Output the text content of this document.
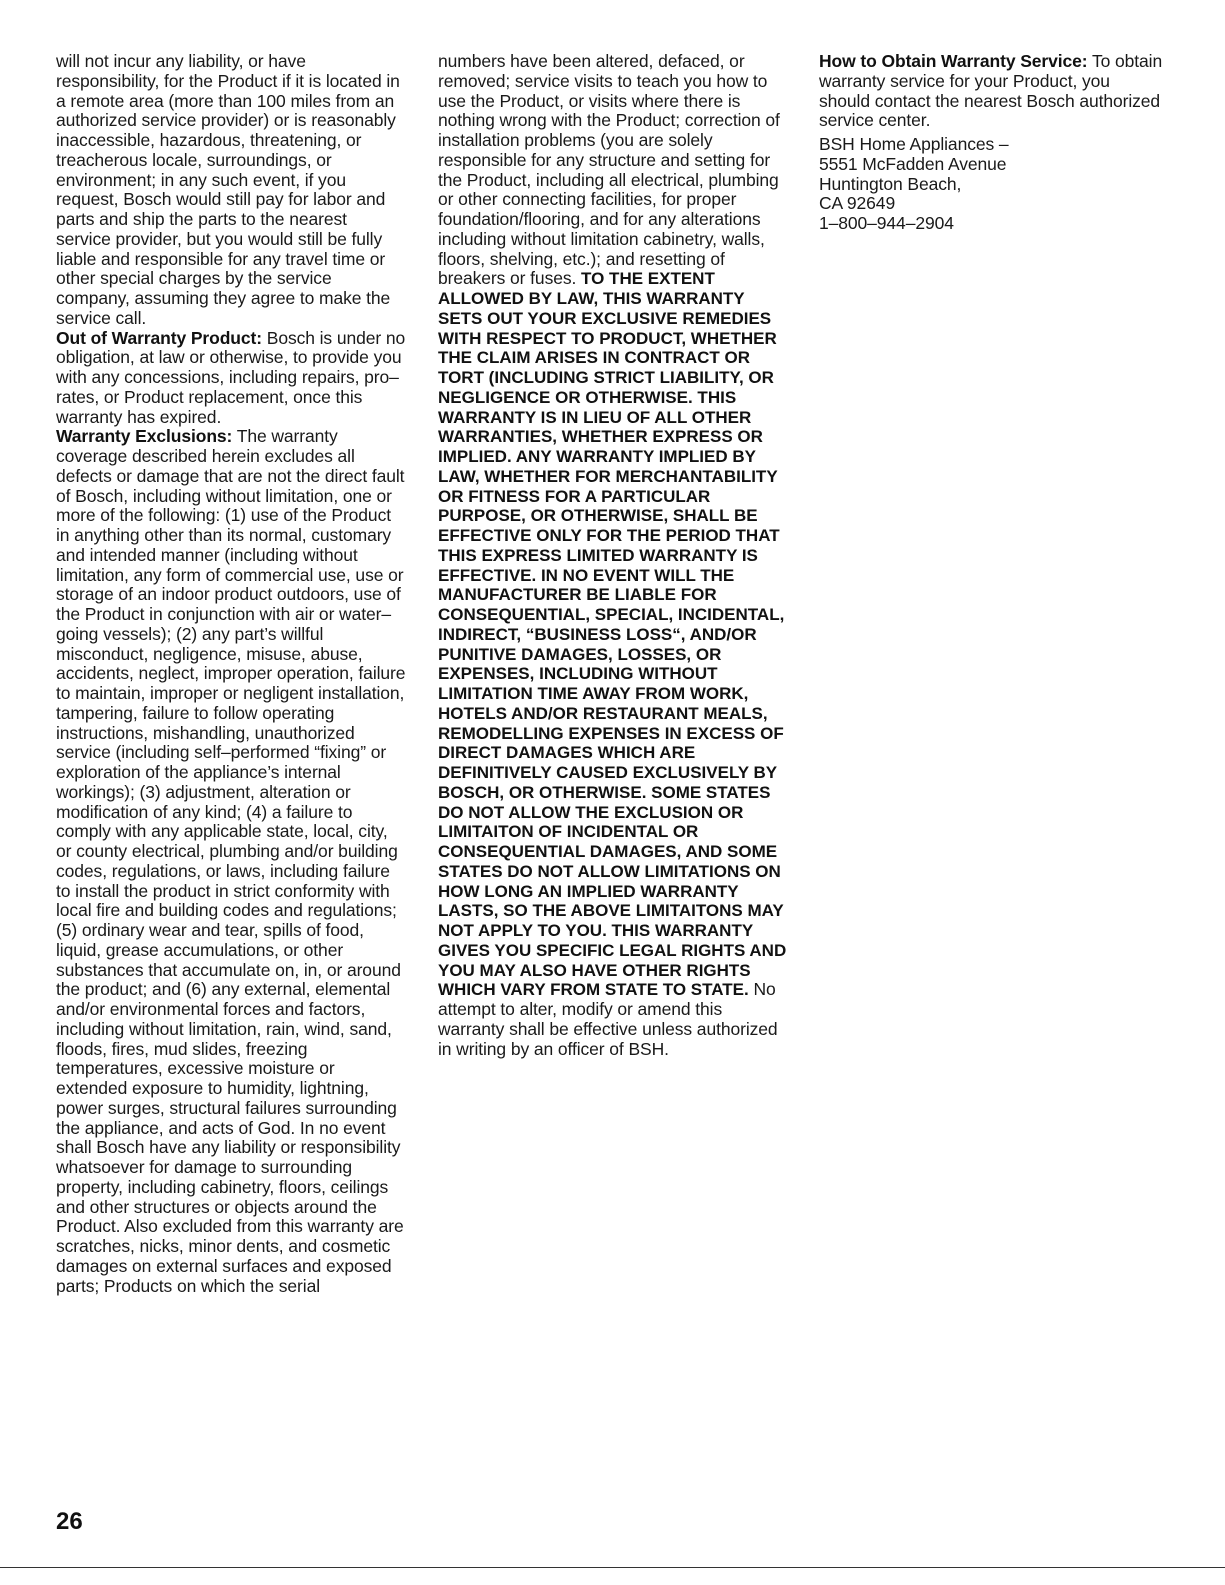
will not incur any liability, or have responsibility, for the Product if it is located in a remote area (more than 100 miles from an authorized service provider) or is reasonably inaccessible, hazardous, threatening, or treacherous locale, surroundings, or environment; in any such event, if you request, Bosch would still pay for labor and parts and ship the parts to the nearest service provider, but you would still be fully liable and responsible for any travel time or other special charges by the service company, assuming they agree to make the service call.

Out of Warranty Product: Bosch is under no obligation, at law or otherwise, to provide you with any concessions, including repairs, pro–rates, or Product replacement, once this warranty has expired.

Warranty Exclusions: The warranty coverage described herein excludes all defects or damage that are not the direct fault of Bosch, including without limitation, one or more of the following: (1) use of the Product in anything other than its normal, customary and intended manner (including without limitation, any form of commercial use, use or storage of an indoor product outdoors, use of the Product in conjunction with air or water–going vessels); (2) any part’s willful misconduct, negligence, misuse, abuse, accidents, neglect, improper operation, failure to maintain, improper or negligent installation, tampering, failure to follow operating instructions, mishandling, unauthorized service (including self–performed “fixing” or exploration of the appliance’s internal workings); (3) adjustment, alteration or modification of any kind; (4) a failure to comply with any applicable state, local, city, or county electrical, plumbing and/or building codes, regulations, or laws, including failure to install the product in strict conformity with local fire and building codes and regulations; (5) ordinary wear and tear, spills of food, liquid, grease accumulations, or other substances that accumulate on, in, or around the product; and (6) any external, elemental and/or environmental forces and factors, including without limitation, rain, wind, sand, floods, fires, mud slides, freezing temperatures, excessive moisture or extended exposure to humidity, lightning, power surges, structural failures surrounding the appliance, and acts of God. In no event shall Bosch have any liability or responsibility whatsoever for damage to surrounding property, including cabinetry, floors, ceilings and other structures or objects around the Product. Also excluded from this warranty are scratches, nicks, minor dents, and cosmetic damages on external surfaces and exposed parts; Products on which the serial

numbers have been altered, defaced, or removed; service visits to teach you how to use the Product, or visits where there is nothing wrong with the Product; correction of installation problems (you are solely responsible for any structure and setting for the Product, including all electrical, plumbing or other connecting facilities, for proper foundation/flooring, and for any alterations including without limitation cabinetry, walls, floors, shelving, etc.); and resetting of breakers or fuses. TO THE EXTENT ALLOWED BY LAW, THIS WARRANTY SETS OUT YOUR EXCLUSIVE REMEDIES WITH RESPECT TO PRODUCT, WHETHER THE CLAIM ARISES IN CONTRACT OR TORT (INCLUDING STRICT LIABILITY, OR NEGLIGENCE OR OTHERWISE. THIS WARRANTY IS IN LIEU OF ALL OTHER WARRANTIES, WHETHER EXPRESS OR IMPLIED. ANY WARRANTY IMPLIED BY LAW, WHETHER FOR MERCHANTABILITY OR FITNESS FOR A PARTICULAR PURPOSE, OR OTHERWISE, SHALL BE EFFECTIVE ONLY FOR THE PERIOD THAT THIS EXPRESS LIMITED WARRANTY IS EFFECTIVE. IN NO EVENT WILL THE MANUFACTURER BE LIABLE FOR CONSEQUENTIAL, SPECIAL, INCIDENTAL, INDIRECT, “BUSINESS LOSS“, AND/OR PUNITIVE DAMAGES, LOSSES, OR EXPENSES, INCLUDING WITHOUT LIMITATION TIME AWAY FROM WORK, HOTELS AND/OR RESTAURANT MEALS, REMODELLING EXPENSES IN EXCESS OF DIRECT DAMAGES WHICH ARE DEFINITIVELY CAUSED EXCLUSIVELY BY BOSCH, OR OTHERWISE. SOME STATES DO NOT ALLOW THE EXCLUSION OR LIMITAITON OF INCIDENTAL OR CONSEQUENTIAL DAMAGES, AND SOME STATES DO NOT ALLOW LIMITATIONS ON HOW LONG AN IMPLIED WARRANTY LASTS, SO THE ABOVE LIMITAITONS MAY NOT APPLY TO YOU. THIS WARRANTY GIVES YOU SPECIFIC LEGAL RIGHTS AND YOU MAY ALSO HAVE OTHER RIGHTS WHICH VARY FROM STATE TO STATE. No attempt to alter, modify or amend this warranty shall be effective unless authorized in writing by an officer of BSH.

How to Obtain Warranty Service: To obtain warranty service for your Product, you should contact the nearest Bosch authorized service center.

BSH Home Appliances –
5551 McFadden Avenue
Huntington Beach,
CA 92649
1–800–944–2904
26
